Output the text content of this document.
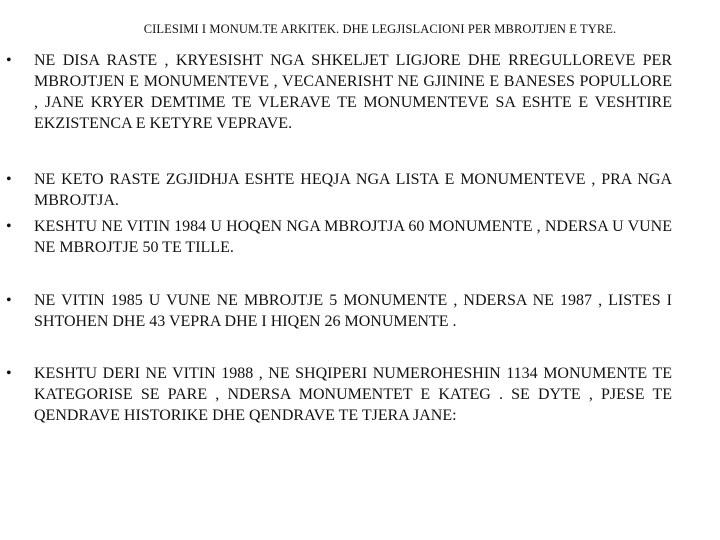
CILESIMI I MONUM.TE ARKITEK. DHE LEGJISLACIONI PER MBROJTJEN E TYRE.
• NE DISA RASTE , KRYESISHT NGA SHKELJET LIGJORE DHE RREGULLOREVE PER MBROJTJEN E MONUMENTEVE , VECANERISHT NE GJININE E BANESES POPULLORE , JANE KRYER DEMTIME TE VLERAVE TE MONUMENTEVE SA ESHTE E VESHTIRE EKZISTENCA E KETYRE VEPRAVE.
• NE KETO RASTE ZGJIDHJA ESHTE HEQJA NGA LISTA E MONUMENTEVE , PRA NGA MBROJTJA.
• KESHTU NE VITIN 1984 U HOQEN NGA MBROJTJA 60 MONUMENTE , NDERSA U VUNE NE MBROJTJE 50 TE TILLE.
• NE VITIN 1985 U VUNE NE MBROJTJE 5 MONUMENTE , NDERSA NE 1987 , LISTES I SHTOHEN DHE 43 VEPRA DHE I HIQEN 26 MONUMENTE .
• KESHTU DERI NE VITIN 1988 , NE SHQIPERI NUMEROHESHIN 1134 MONUMENTE TE KATEGORISE SE PARE , NDERSA MONUMENTET E KATEG . SE DYTE , PJESE TE QENDRAVE HISTORIKE DHE QENDRAVE TE TJERA JANE:
